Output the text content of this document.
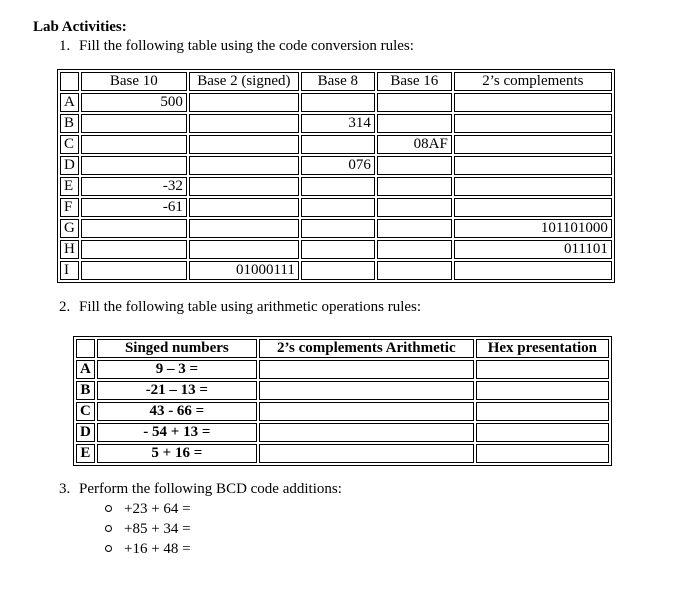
Lab Activities:
1. Fill the following table using the code conversion rules:
	Base 10	Base 2 (signed)	Base 8	Base 16	2’s complements
A	500				
B			314		
C				08AF	
D			076		
E	-32				
F	-61				
G					101101000
H					011101
I		01000111			
2. Fill the following table using arithmetic operations rules:
	Singed numbers	2’s complements Arithmetic	Hex presentation
A	9 – 3 =		
B	-21 – 13 =		
C	43 - 66 =		
D	- 54 + 13 =		
E	5 + 16 =		
3. Perform the following BCD code additions:
+23 + 64 =
+85 + 34 =
+16 + 48 =
